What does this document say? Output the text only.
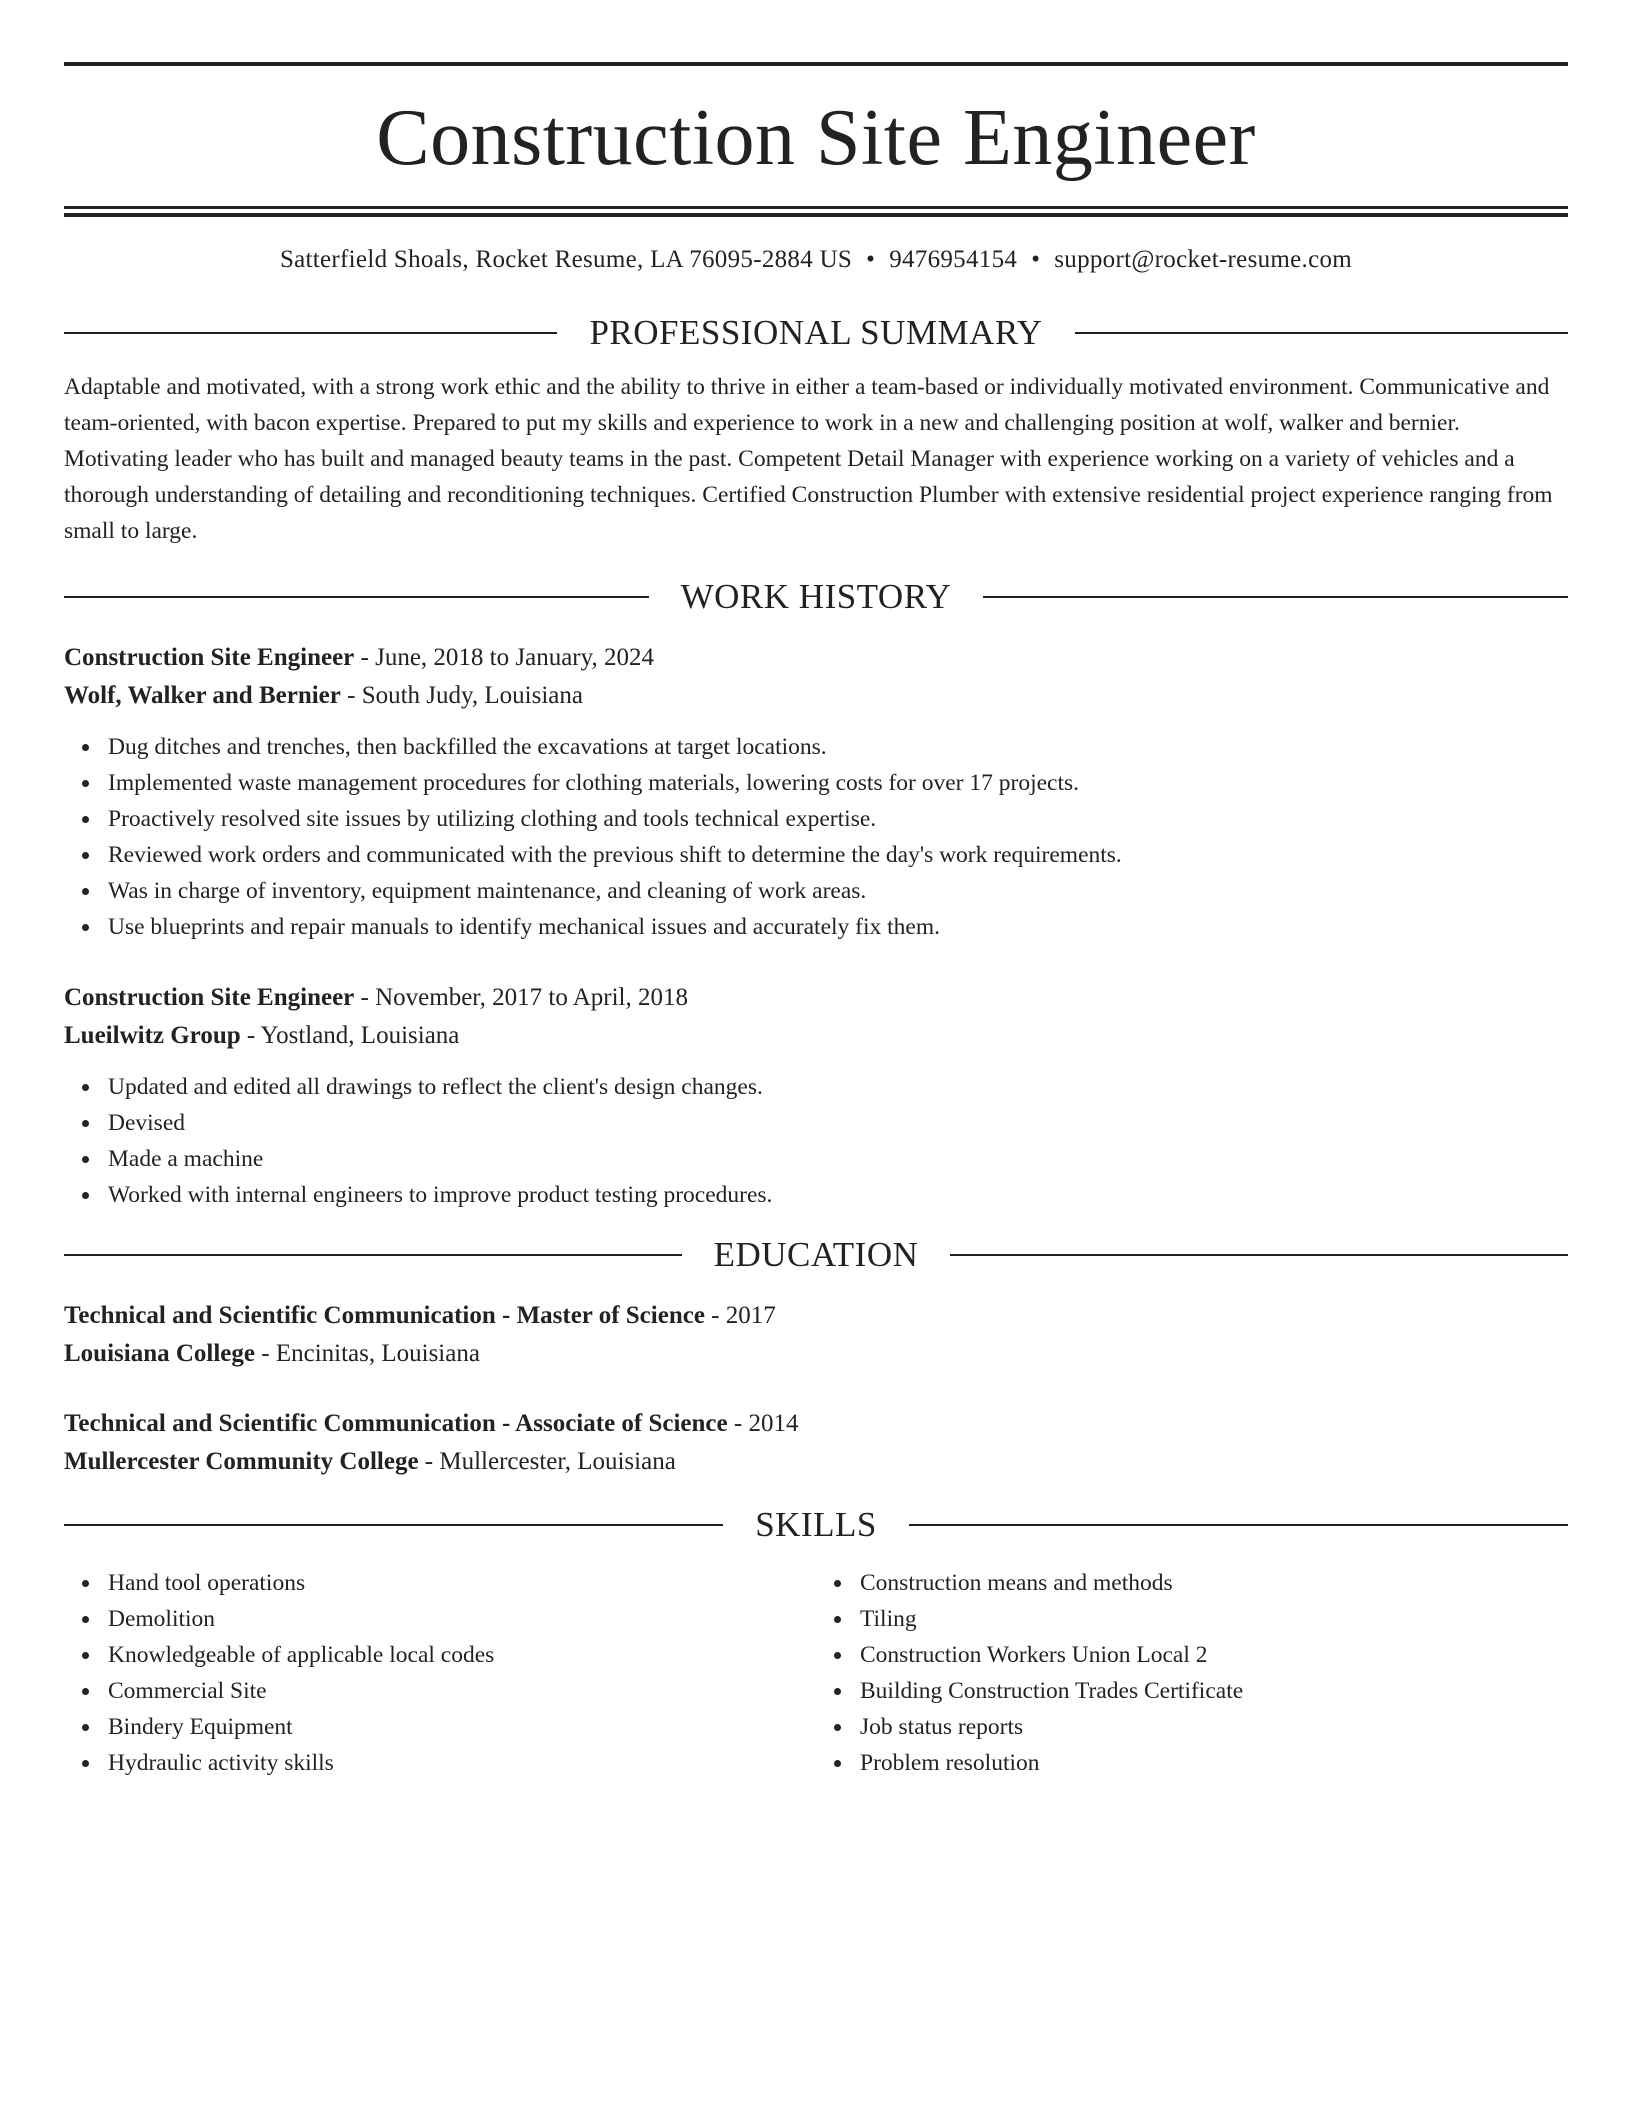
Construction Site Engineer
Satterfield Shoals, Rocket Resume, LA 76095-2884 US • 9476954154 • support@rocket-resume.com
PROFESSIONAL SUMMARY

Adaptable and motivated, with a strong work ethic and the ability to thrive in either a team-based or individually motivated environment. Communicative and team-oriented, with bacon expertise. Prepared to put my skills and experience to work in a new and challenging position at wolf, walker and bernier. Motivating leader who has built and managed beauty teams in the past. Competent Detail Manager with experience working on a variety of vehicles and a thorough understanding of detailing and reconditioning techniques. Certified Construction Plumber with extensive residential project experience ranging from small to large.

WORK HISTORY
Construction Site Engineer - June, 2018 to January, 2024
Wolf, Walker and Bernier - South Judy, Louisiana
Dug ditches and trenches, then backfilled the excavations at target locations.
Implemented waste management procedures for clothing materials, lowering costs for over 17 projects.
Proactively resolved site issues by utilizing clothing and tools technical expertise.
Reviewed work orders and communicated with the previous shift to determine the day's work requirements.
Was in charge of inventory, equipment maintenance, and cleaning of work areas.
Use blueprints and repair manuals to identify mechanical issues and accurately fix them.
Construction Site Engineer - November, 2017 to April, 2018
Lueilwitz Group - Yostland, Louisiana
Updated and edited all drawings to reflect the client's design changes.
Devised
Made a machine
Worked with internal engineers to improve product testing procedures.
EDUCATION
Technical and Scientific Communication - Master of Science - 2017
Louisiana College - Encinitas, Louisiana
Technical and Scientific Communication - Associate of Science - 2014
Mullercester Community College - Mullercester, Louisiana
SKILLS
Hand tool operations
Demolition
Knowledgeable of applicable local codes
Commercial Site
Bindery Equipment
Hydraulic activity skills
Construction means and methods
Tiling
Construction Workers Union Local 2
Building Construction Trades Certificate
Job status reports
Problem resolution
